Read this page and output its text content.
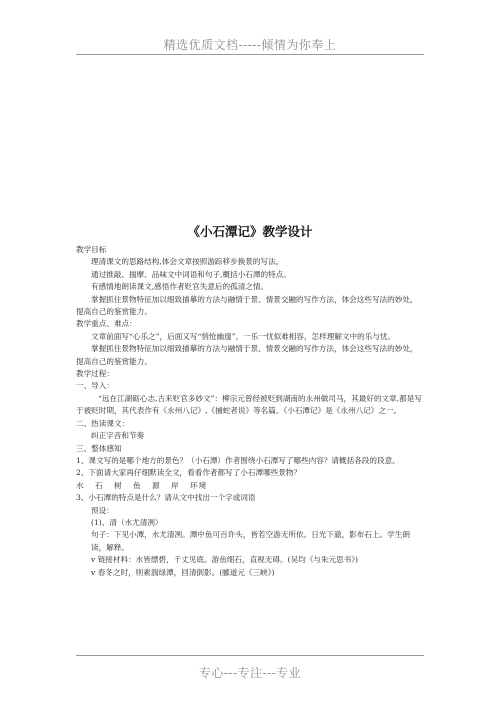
精选优质文档-----倾情为你奉上
《小石潭记》教学设计

教学目标

理清课文的思路结构,体会文章按照游踪移步换景的写法。

通过推敲、揣摩、品味文中词语和句子,概括小石潭的特点。

有感情地朗读课文,感悟作者贬官失意后的孤清之情。

掌握抓住景物特征加以细致描摹的方法与融情于景、情景交融的写作方法，体会这些写法的妙处，提高自己的鉴赏能力。

教学重点、难点：

文章前面写“心乐之”，后面又写“悄怆幽邃”，一乐一忧似难相容，怎样理解文中的乐与忧。

掌握抓住景物特征加以细致描摹的方法与融情于景、情景交融的写作方法，体会这些写法的妙处，提高自己的鉴赏能力。

教学过程：

一、导入：

“远在江湖砺心志,古来贬官多妙文”：柳宗元曾经被贬到湖南的永州做司马，其最好的文章,都是写于被贬时期，其代表作有《永州八记》,《捕蛇者说》等名篇。《小石潭记》是《永州八记》之一。

二、热读课文：

纠正字音和节奏

三、整体感知

1、课文写的是哪个地方的景色？（小石潭）作者围绕小石潭写了哪些内容？请概括各段的段意。

2、下面请大家再仔细默读全文，看看作者都写了小石潭哪些景物？

水 石 树 鱼 源 岸 环境

3、小石潭的特点是什么？请从文中找出一个字或词语

预设：

(1)、清（水尤清冽）

句子：下见小潭，水尤清冽。潭中鱼可百许头，皆若空游无所依。日光下澈，影布石上。学生朗读，解释。

v 链接材料：水皆缥碧，千丈见底。游鱼细石，直视无碍。(吴均《与朱元思书》)

v 春冬之时，则素湍绿潭，回清倒影。(郦道元《三峡》)

专心---专注---专业
